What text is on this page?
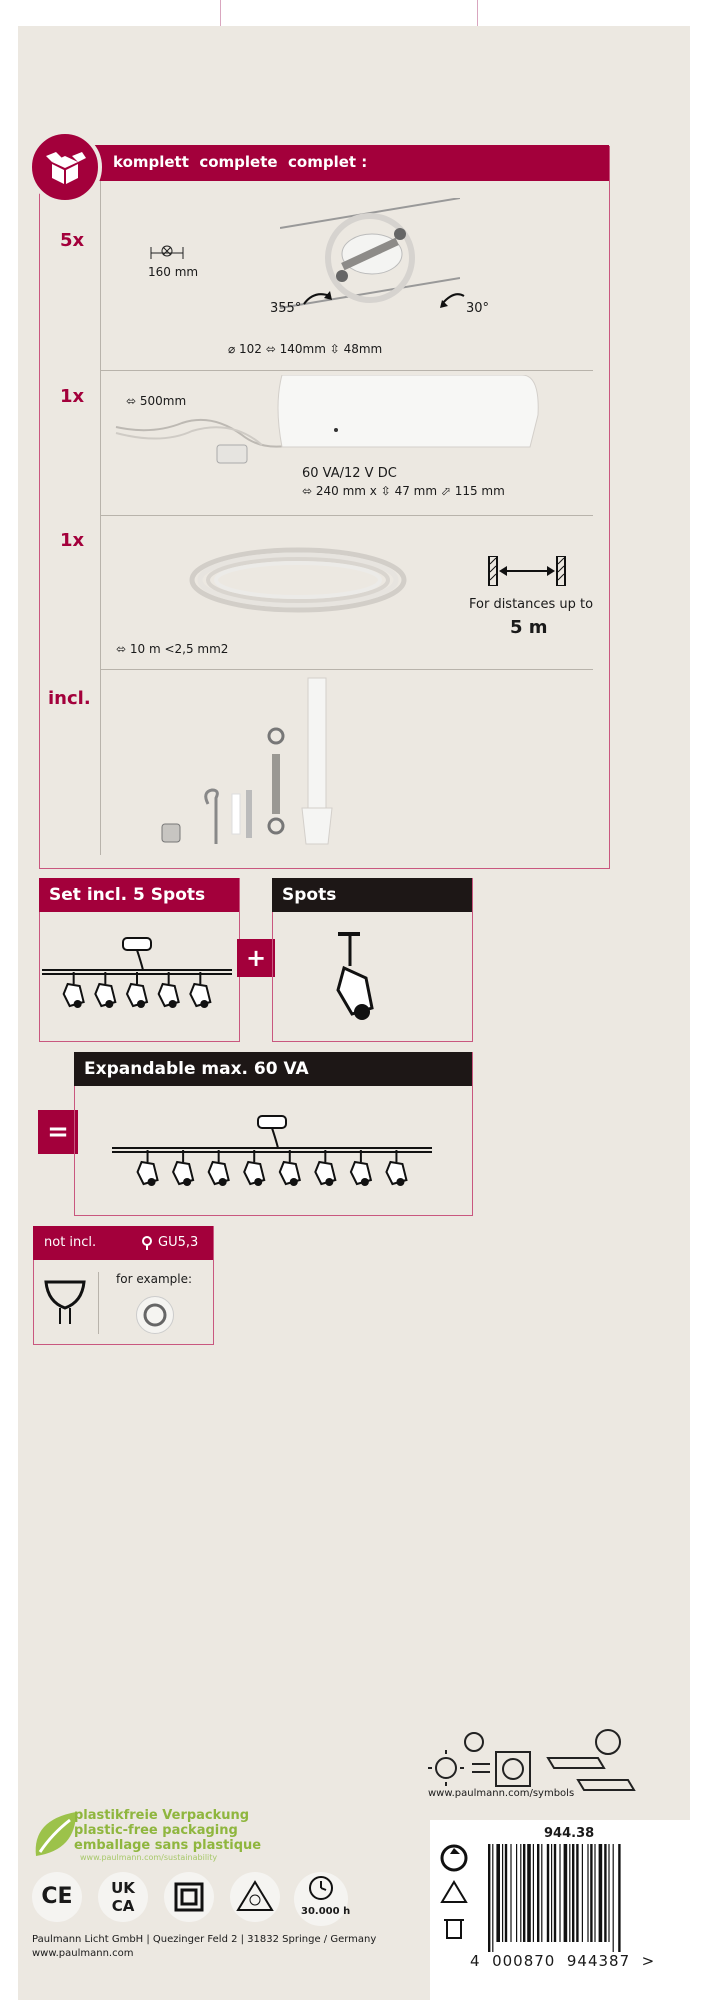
komplett  complete  complet :
5x
160 mm
355°	30°
⌀ 102 ⬄ 140mm ⇳ 48mm
1x	⬄ 500mm
60 VA/12 V DC
⬄ 240 mm x ⇳ 47 mm ⬀ 115 mm
1x
For distances up to
5 m
⬄ 10 m <2,5 mm2
incl.
Set incl. 5 Spots
+
Spots
=
Expandable max. 60 VA
not incl.	GU5,3
for example:
www.paulmann.com/symbols
plastikfreie Verpackung
plastic-free packaging
emballage sans plastique
www.paulmann.com/sustainability
CE	UK
CA	30.000 h
Paulmann Licht GmbH | Quezinger Feld 2 | 31832 Springe / Germany
www.paulmann.com
944.38
4  000870  944387  >
